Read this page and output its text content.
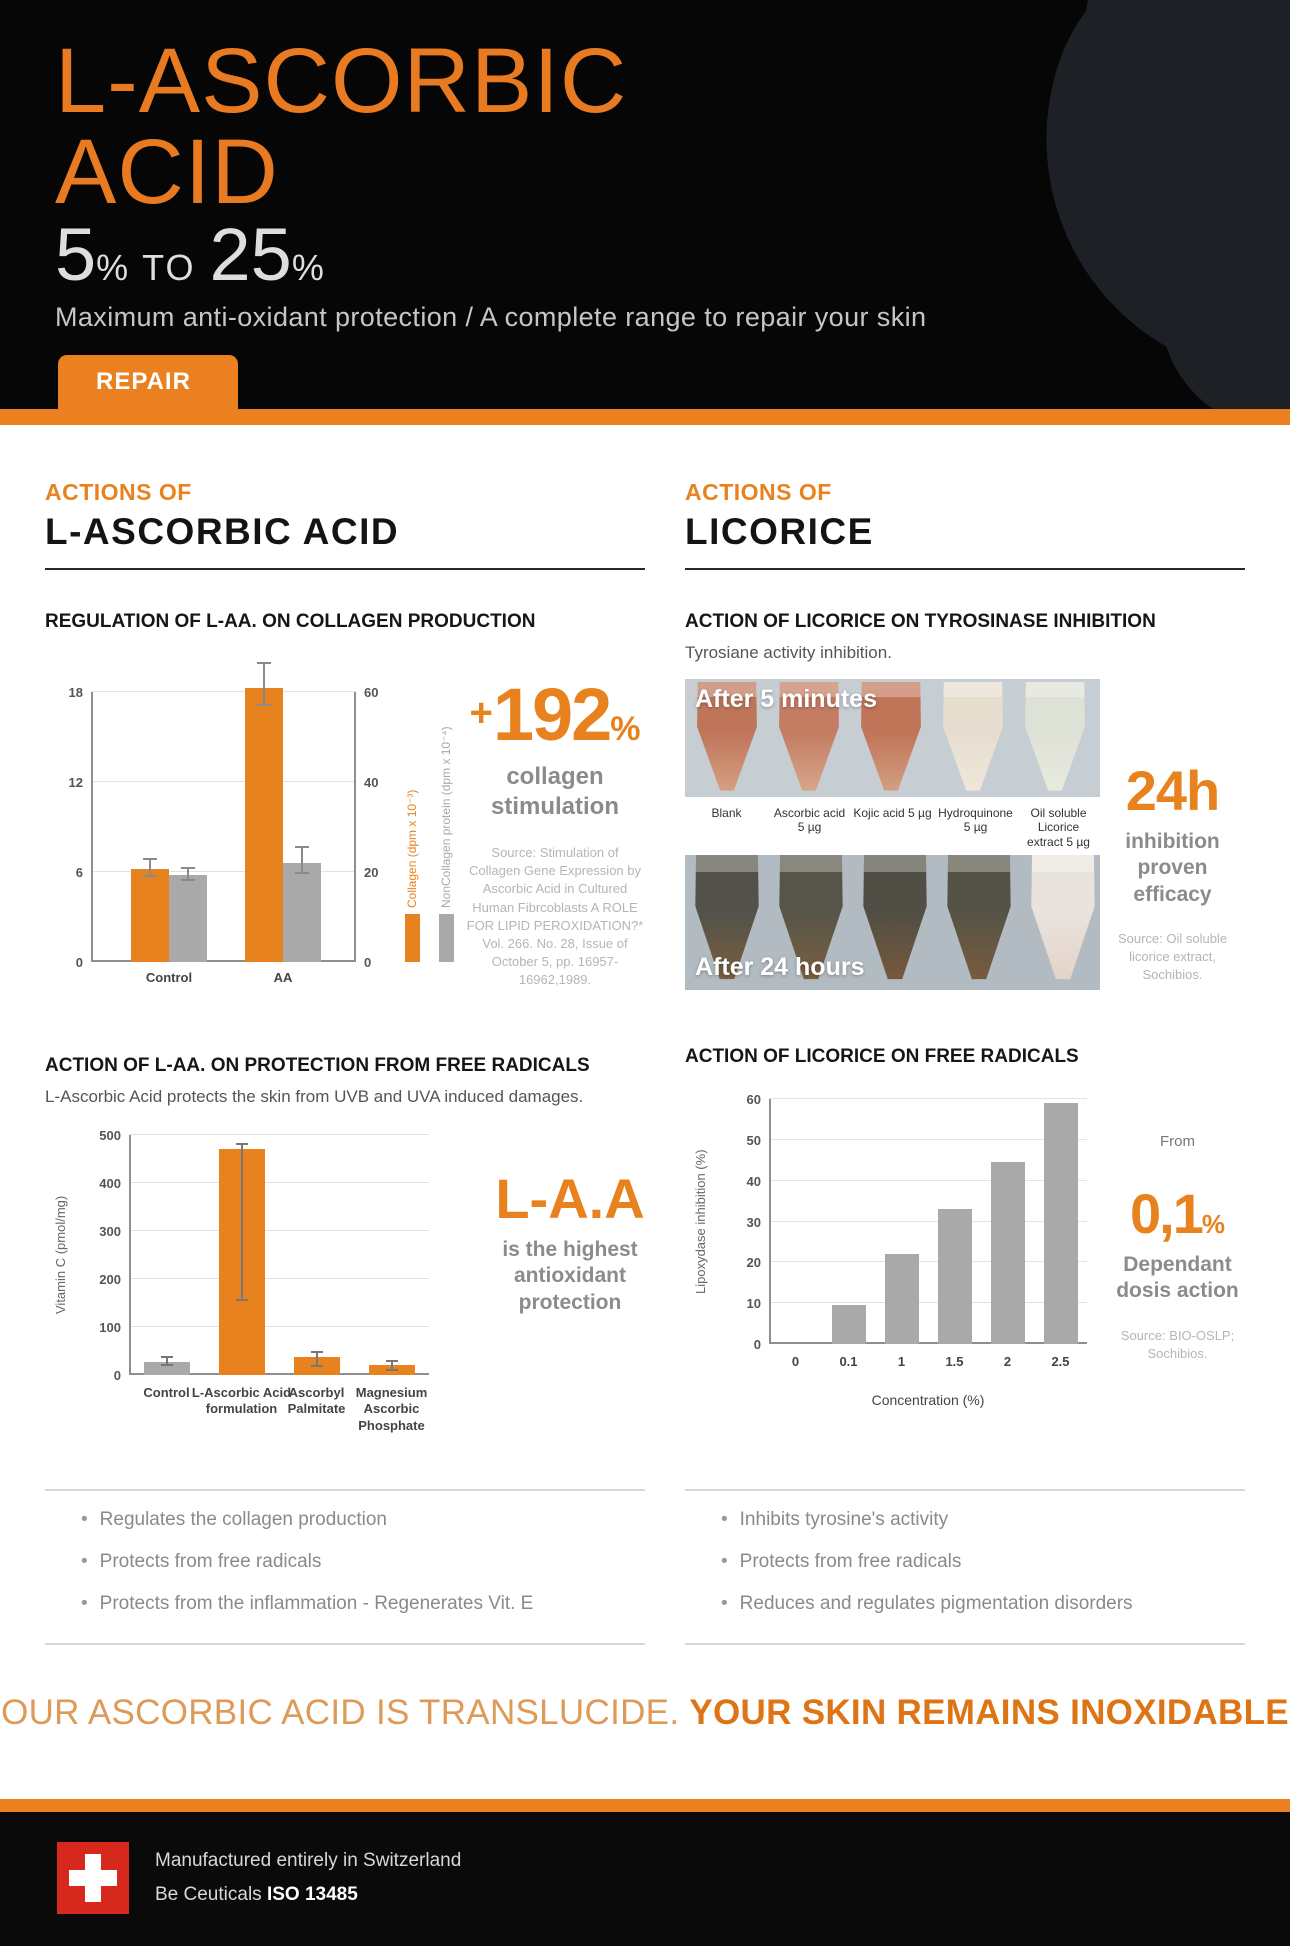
L-ASCORBIC
ACID
5% TO 25%
Maximum anti-oxidant protection / A complete range to repair your skin
REPAIR
ACTIONS OF
L-ASCORBIC ACID
REGULATION OF L-AA. ON COLLAGEN PRODUCTION
0
6
12
18
0
20
40
60
Control	AA
Collagen (dpm x 10⁻³) NonCollagen protein (dpm x 10⁻⁴)
+192%
collagen stimulation
Source: Stimulation of Collagen Gene Expression by Ascorbic Acid in Cultured Human Fibrcoblasts A ROLE FOR LIPID PEROXIDATION?* Vol. 266. No. 28, Issue of October 5, pp. 16957-16962,1989.
ACTION OF L-AA. ON PROTECTION FROM FREE RADICALS
L-Ascorbic Acid protects the skin from UVB and UVA induced damages.
0
100
200
300
400
500
Control L-Ascorbic Acid formulation
Ascorbyl Palmitate
Magnesium Ascorbic Phosphate
Vitamin C (pmol/mg)	L-A.A
is the highest antioxidant protection
• Regulates the collagen production
• Protects from free radicals
• Protects from the inflammation - Regenerates Vit. E
ACTIONS OF
LICORICE
ACTION OF LICORICE ON TYROSINASE INHIBITION
Tyrosiane activity inhibition.
After 5 minutes
Blank	Ascorbic acid 5 µg
Kojic acid 5 µg Hydroquinone 5 µg
Oil soluble Licorice extract 5 µg
After 24 hours
24h
inhibition proven efficacy
Source: Oil soluble licorice extract, Sochibios.
ACTION OF LICORICE ON FREE RADICALS
0
10
20
30
40
50
60
0	0.1	1	1.5	2	2.5
Lipoxydase inhibition (%)
Concentration (%)
From
0,1%
Dependant dosis action
Source: BIO-OSLP; Sochibios.
• Inhibits tyrosine's activity
• Protects from free radicals
• Reduces and regulates pigmentation disorders
OUR ASCORBIC ACID IS TRANSLUCIDE. YOUR SKIN REMAINS INOXIDABLE
Manufactured entirely in Switzerland
Be Ceuticals ISO 13485
